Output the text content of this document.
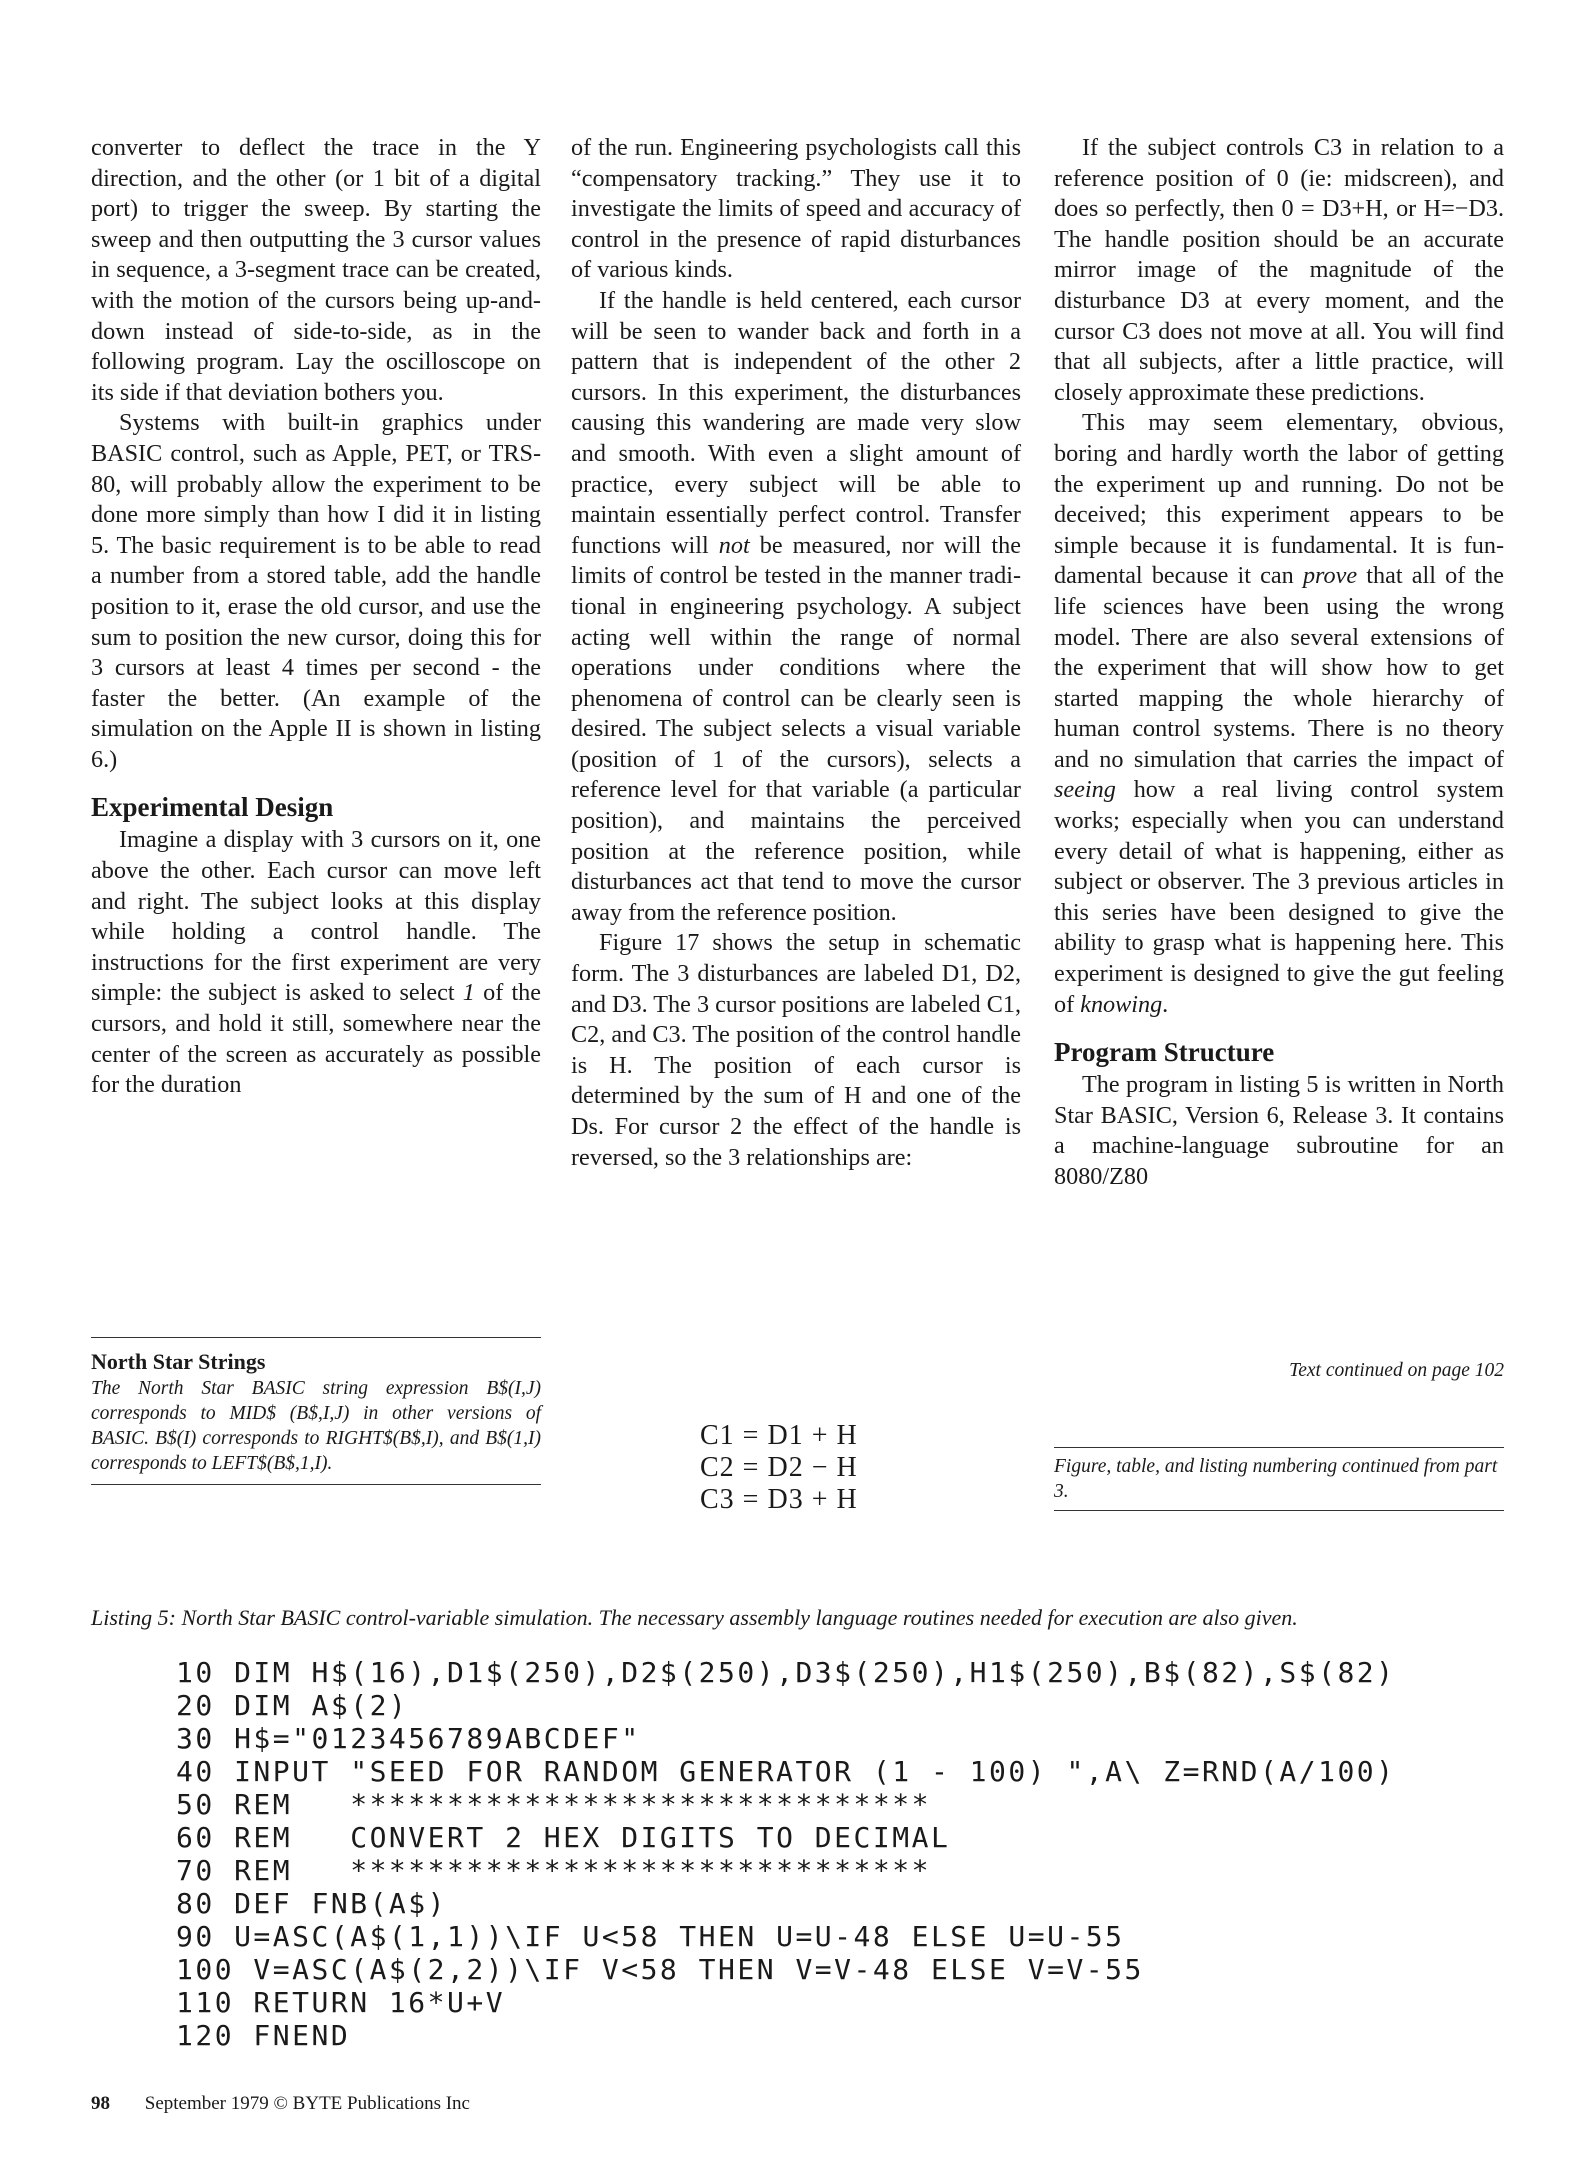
converter to deflect the trace in the Y direction, and the other (or 1 bit of a digital port) to trigger the sweep. By starting the sweep and then outputting the 3 cursor values in sequence, a 3-segment trace can be created, with the motion of the cursors being up-and-down instead of side-to-side, as in the following program. Lay the oscilloscope on its side if that deviation bothers you.

Systems with built-in graphics under BASIC control, such as Apple, PET, or TRS-80, will probably allow the experiment to be done more simply than how I did it in listing 5. The basic requirement is to be able to read a number from a stored table, add the handle position to it, erase the old cursor, and use the sum to position the new cursor, doing this for 3 cursors at least 4 times per second - the faster the better. (An example of the simulation on the Apple II is shown in listing 6.)

Experimental Design

Imagine a display with 3 cursors on it, one above the other. Each cursor can move left and right. The subject looks at this display while holding a control handle. The instructions for the first experiment are very simple: the subject is asked to select 1 of the cursors, and hold it still, somewhere near the center of the screen as accurately as possible for the duration

North Star Strings
The North Star BASIC string expression B$(I,J) corresponds to MID$ (B$,I,J) in other versions of BASIC. B$(I) corresponds to RIGHT$(B$,I), and B$(1,I) corresponds to LEFT$(B$,1,I).

of the run. Engineering psychologists call this “compensatory tracking.” They use it to investigate the limits of speed and accuracy of control in the presence of rapid disturbances of various kinds.

If the handle is held centered, each cursor will be seen to wander back and forth in a pattern that is independent of the other 2 cursors. In this experiment, the disturbances causing this wandering are made very slow and smooth. With even a slight amount of practice, every subject will be able to maintain essentially perfect control. Transfer functions will not be measured, nor will the limits of control be tested in the manner traditional in engineering psychology. A subject acting well within the range of normal operations under conditions where the phenomena of control can be clearly seen is desired. The subject selects a visual variable (position of 1 of the cursors), selects a reference level for that variable (a particular position), and maintains the perceived position at the reference position, while disturbances act that tend to move the cursor away from the reference position.

Figure 17 shows the setup in schematic form. The 3 disturbances are labeled D1, D2, and D3. The 3 cursor positions are labeled C1, C2, and C3. The position of the control handle is H. The position of each cursor is determined by the sum of H and one of the Ds. For cursor 2 the effect of the handle is reversed, so the 3 relationships are:

C1 = D1 + H
C2 = D2 − H
C3 = D3 + H

If the subject controls C3 in relation to a reference position of 0 (ie: midscreen), and does so perfectly, then 0 = D3+H, or H=−D3. The handle position should be an accurate mirror image of the magnitude of the disturbance D3 at every moment, and the cursor C3 does not move at all. You will find that all subjects, after a little practice, will closely approximate these predictions.

This may seem elementary, obvious, boring and hardly worth the labor of getting the experiment up and running. Do not be deceived; this experiment appears to be simple because it is fundamental. It is fundamental because it can prove that all of the life sciences have been using the wrong model. There are also several extensions of the experiment that will show how to get started mapping the whole hierarchy of human control systems. There is no theory and no simulation that carries the impact of seeing how a real living control system works; especially when you can understand every detail of what is happening, either as subject or observer. The 3 previous articles in this series have been designed to give the ability to grasp what is happening here. This experiment is designed to give the gut feeling of knowing.

Program Structure

The program in listing 5 is written in North Star BASIC, Version 6, Release 3. It contains a machine-language subroutine for an 8080/Z80

Text continued on page 102
Figure, table, and listing numbering continued from part 3.
Listing 5: North Star BASIC control-variable simulation. The necessary assembly language routines needed for execution are also given.
10 DIM H$(16),D1$(250),D2$(250),D3$(250),H1$(250),B$(82),S$(82)
20 DIM A$(2)
30 H$="0123456789ABCDEF"
40 INPUT "SEED FOR RANDOM GENERATOR (1 - 100) ",A\ Z=RND(A/100)
50 REM   ******************************
60 REM   CONVERT 2 HEX DIGITS TO DECIMAL
70 REM   ******************************
80 DEF FNB(A$)
90 U=ASC(A$(1,1))\IF U<58 THEN U=U-48 ELSE U=U-55
100 V=ASC(A$(2,2))\IF V<58 THEN V=V-48 ELSE V=V-55
110 RETURN 16*U+V
120 FNEND
98 September 1979 © BYTE Publications Inc
